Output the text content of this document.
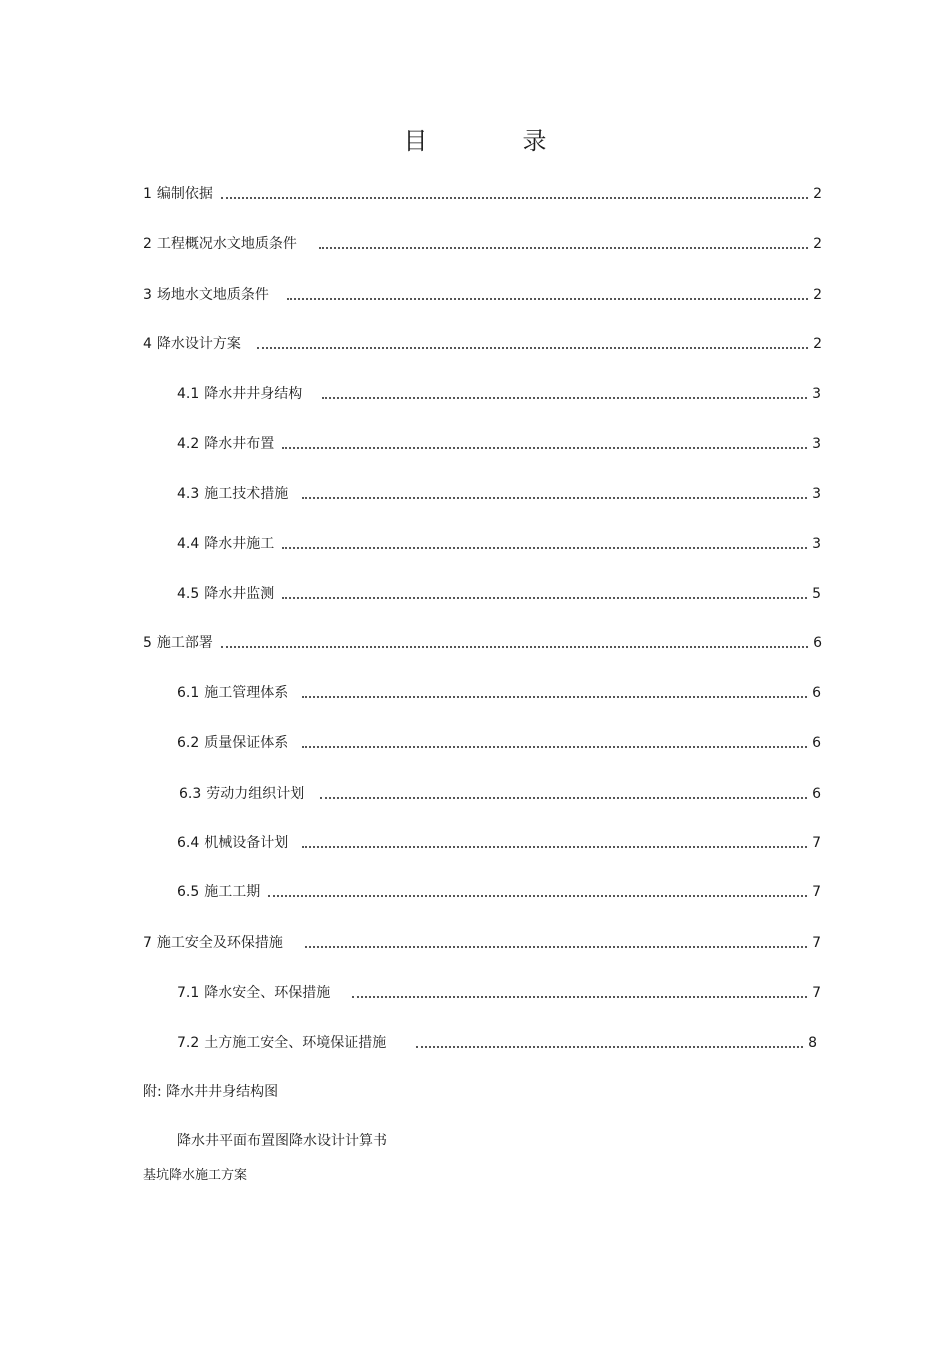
目	录
1 编制依据	2
2 工程概况水文地质条件	2
3 场地水文地质条件	2
4 降水设计方案	2
4.1 降水井井身结构	3
4.2 降水井布置	3
4.3 施工技术措施	3
4.4 降水井施工	3
4.5 降水井监测	5
5 施工部署	6
6.1 施工管理体系	6
6.2 质量保证体系	6
6.3 劳动力组织计划	6
6.4 机械设备计划	7
6.5 施工工期	7
7 施工安全及环保措施	7
7.1 降水安全、环保措施	7
7.2 土方施工安全、环境保证措施	8
附: 降水井井身结构图
降水井平面布置图降水设计计算书
基坑降水施工方案
